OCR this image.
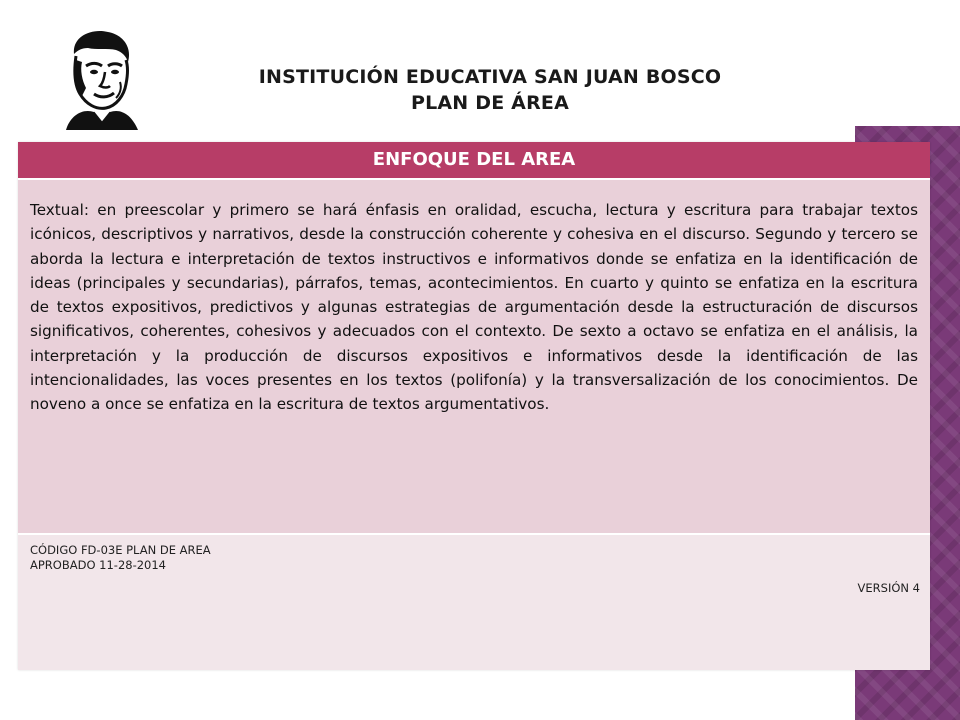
INSTITUCIÓN EDUCATIVA SAN JUAN BOSCO
PLAN DE ÁREA
ENFOQUE DEL AREA
Textual: en preescolar y primero se hará énfasis en oralidad, escucha, lectura y escritura para trabajar textos icónicos, descriptivos y narrativos, desde la construcción coherente y cohesiva en el discurso. Segundo y tercero se aborda la lectura e interpretación de textos instructivos e informativos donde se enfatiza en la identificación de ideas (principales y secundarias), párrafos, temas, acontecimientos. En cuarto y quinto se enfatiza en la escritura de textos expositivos, predictivos y algunas estrategias de argumentación desde la estructuración de discursos significativos, coherentes, cohesivos y adecuados con el contexto. De sexto a octavo se enfatiza en el análisis, la interpretación y la producción de discursos expositivos e informativos desde la identificación de las intencionalidades, las voces presentes en los textos (polifonía) y la transversalización de los conocimientos. De noveno a once se enfatiza en la escritura de textos argumentativos.
CÓDIGO FD-03E PLAN DE AREA
APROBADO 11-28-2014
VERSIÓN 4
